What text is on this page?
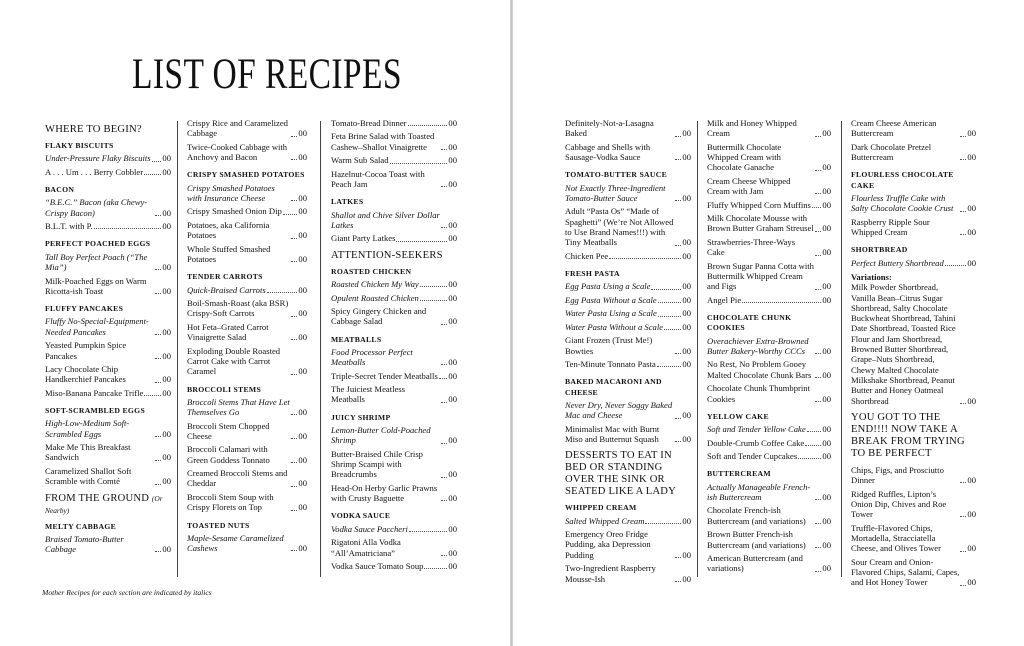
LIST OF RECIPES
WHERE TO BEGIN?
FLAKY BISCUITS
Under-Pressure Flaky Biscuits 00
A . . . Um . . . Berry Cobbler 00
BACON
“B.E.C.” Bacon (aka Chewy-Crispy Bacon)	00
B.L.T. with P.	00
PERFECT POACHED EGGS
Tall Boy Perfect Poach (“The Mia”)	00
Milk-Poached Eggs on Warm Ricotta-ish Toast	00
FLUFFY PANCAKES
Fluffy No-Special-Equipment-Needed Pancakes	00
Yeasted Pumpkin Spice Pancakes	00
Lacy Chocolate Chip Handkerchief Pancakes	00
Miso-Banana Pancake Trifle 00
SOFT-SCRAMBLED EGGS
High-Low-Medium Soft-Scrambled Eggs	00
Make Me This Breakfast Sandwich	00
Caramelized Shallot Soft Scramble with Comté	00
FROM THE GROUND (Or Nearby)
MELTY CABBAGE
Braised Tomato-Butter Cabbage	00
Crispy Rice and Caramelized Cabbage	00
Twice-Cooked Cabbage with Anchovy and Bacon	00
CRISPY SMASHED POTATOES
Crispy Smashed Potatoes with Insurance Cheese	00
Crispy Smashed Onion Dip 00
Potatoes, aka California Potatoes	00
Whole Stuffed Smashed Potatoes	00
TENDER CARROTS
Quick-Braised Carrots	00
Boil-Smash-Roast (aka BSR) Crispy-Soft Carrots	00
Hot Feta–Grated Carrot Vinaigrette Salad	00
Exploding Double Roasted Carrot Cake with Carrot Caramel	00
BROCCOLI STEMS
Broccoli Stems That Have Let Themselves Go	00
Broccoli Stem Chopped Cheese	00
Broccoli Calamari with Green Goddess Tonnato	00
Creamed Broccoli Stems and Cheddar	00
Broccoli Stem Soup with Crispy Florets on Top	00
TOASTED NUTS
Maple-Sesame Caramelized Cashews	00
Tomato-Bread Dinner	00
Feta Brine Salad with Toasted Cashew–Shallot Vinaigrette	00
Warm Sub Salad	00
Hazelnut-Cocoa Toast with Peach Jam	00
LATKES
Shallot and Chive Silver Dollar Latkes	00
Giant Party Latkes	00
ATTENTION-SEEKERS
ROASTED CHICKEN
Roasted Chicken My Way	00
Opulent Roasted Chicken	00
Spicy Gingery Chicken and Cabbage Salad	00
MEATBALLS
Food Processor Perfect Meatballs	00
Triple-Secret Tender Meatballs 00
The Juiciest Meatless Meatballs	00
JUICY SHRIMP
Lemon-Butter Cold-Poached Shrimp	00
Butter-Braised Chile Crisp Shrimp Scampi with Breadcrumbs	00
Head-On Herby Garlic Prawns with Crusty Baguette	00
VODKA SAUCE
Vodka Sauce Paccheri	00
Rigatoni Alla Vodka “All’Amatriciana”	00
Vodka Sauce Tomato Soup	00
Mother Recipes for each section are indicated by italics
Definitely-Not-a-Lasagna Baked	00
Cabbage and Shells with Sausage-Vodka Sauce	00
TOMATO-BUTTER SAUCE
Not Exactly Three-Ingredient Tomato-Butter Sauce	00
Adult “Pasta Os” “Made of Spaghetti” (We’re Not Allowed to Use Brand Names!!!) with Tiny Meatballs	00
Chicken Pee	00
FRESH PASTA
Egg Pasta Using a Scale	00
Egg Pasta Without a Scale	00
Water Pasta Using a Scale	00
Water Pasta Without a Scale 00
Giant Frozen (Trust Me!) Bowties	00
Ten-Minute Tonnato Pasta	00
BAKED MACARONI AND CHEESE
Never Dry, Never Soggy Baked Mac and Cheese	00
Minimalist Mac with Burnt Miso and Butternut Squash	00
DESSERTS TO EAT IN BED OR STANDING OVER THE SINK OR SEATED LIKE A LADY
WHIPPED CREAM
Salted Whipped Cream	00
Emergency Oreo Fridge Pudding, aka Depression Pudding	00
Two-Ingredient Raspberry Mousse-Ish	00
Milk and Honey Whipped Cream	00
Buttermilk Chocolate Whipped Cream with Chocolate Ganache	00
Cream Cheese Whipped Cream with Jam	00
Fluffy Whipped Corn Muffins 00
Milk Chocolate Mousse with Brown Butter Graham Streusel 00
Strawberries-Three-Ways Cake	00
Brown Sugar Panna Cotta with Buttermilk Whipped Cream and Figs	00
Angel Pie	00
CHOCOLATE CHUNK COOKIES
Overachiever Extra-Browned Butter Bakery-Worthy CCCs	00
No Rest, No Problem Gooey Malted Chocolate Chunk Bars	00
Chocolate Chunk Thumbprint Cookies	00
YELLOW CAKE
Soft and Tender Yellow Cake 00
Double-Crumb Coffee Cake 00
Soft and Tender Cupcakes	00
BUTTERCREAM
Actually Manageable French-ish Buttercream	00
Chocolate French-ish Buttercream (and variations)	00
Brown Butter French-ish Buttercream (and variations)	00
American Buttercream (and variations)	00
Cream Cheese American Buttercream	00
Dark Chocolate Pretzel Buttercream	00
FLOURLESS CHOCOLATE CAKE
Flourless Truffle Cake with Salty Chocolate Cookie Crust	00
Raspberry Ripple Sour Whipped Cream	00
SHORTBREAD
Perfect Buttery Shortbread	00
Variations:
Milk Powder Shortbread, Vanilla Bean–Citrus Sugar Shortbread, Salty Chocolate Buckwheat Shortbread, Tahini Date Shortbread, Toasted Rice Flour and Jam Shortbread, Browned Butter Shortbread, Grape–Nuts Shortbread, Chewy Malted Chocolate Milkshake Shortbread, Peanut Butter and Honey Oatmeal Shortbread	00
YOU GOT TO THE END!!!! NOW TAKE A BREAK FROM TRYING TO BE PERFECT
Chips, Figs, and Prosciutto Dinner	00
Ridged Ruffles, Lipton’s Onion Dip, Chives and Roe Tower	00
Truffle-Flavored Chips, Mortadella, Stracciatella Cheese, and Olives Tower	00
Sour Cream and Onion-Flavored Chips, Salami, Capes, and Hot Honey Tower	00
